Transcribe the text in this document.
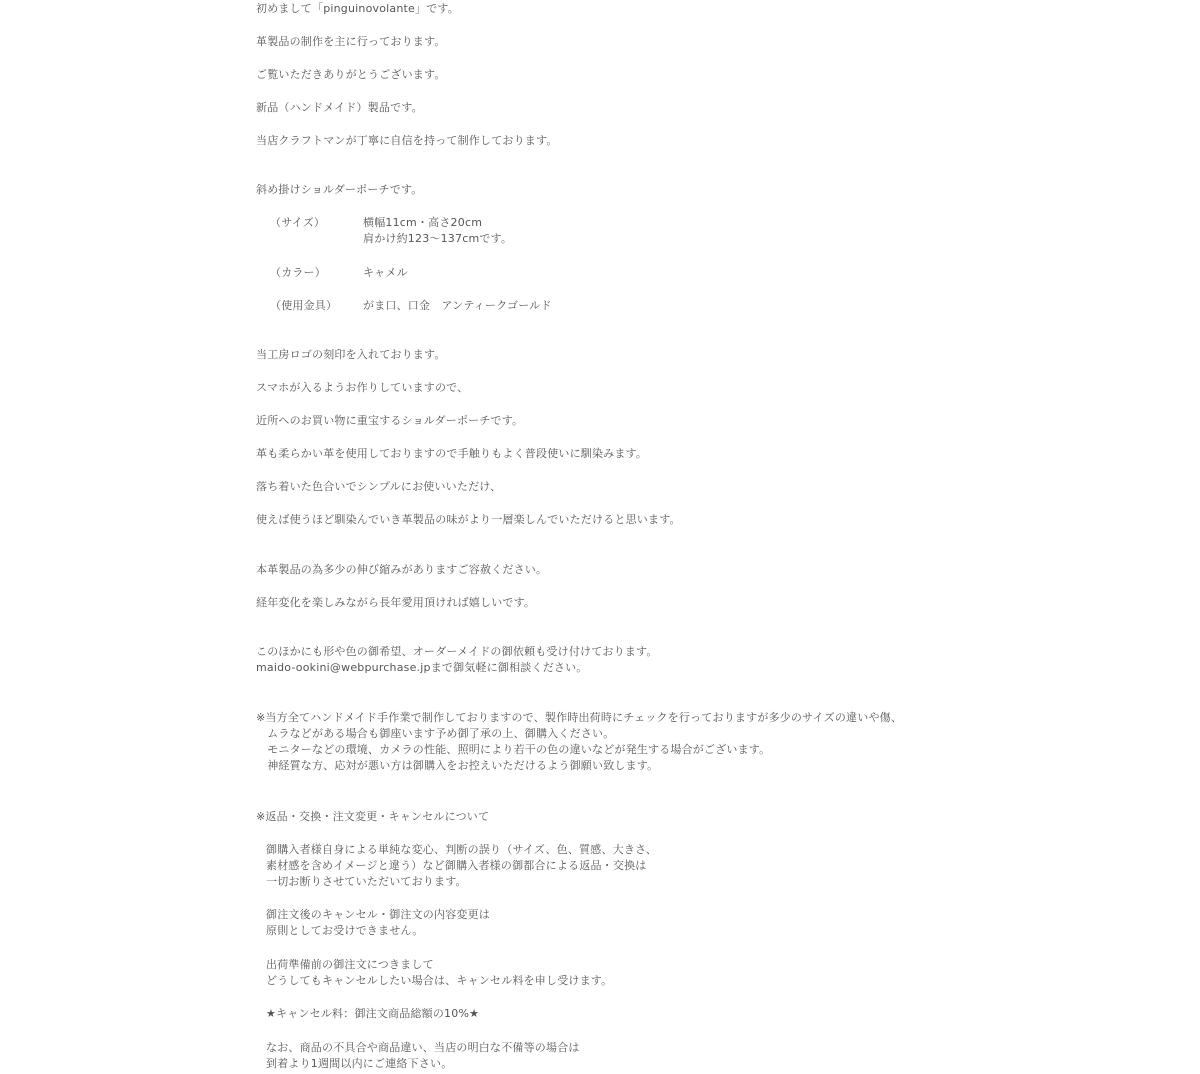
初めまして「pinguinovolante」です。
革製品の制作を主に行っております。
ご覧いただきありがとうございます。
新品（ハンドメイド）製品です。
当店クラフトマンが丁寧に自信を持って制作しております。
斜め掛けショルダーポーチです。
（サイズ）	横幅11cm・高さ20cm
肩かけ約123～137cmです。
（カラー）	キャメル
（使用金具） がま口、口金　アンティークゴールド
当工房ロゴの刻印を入れております。
スマホが入るようお作りしていますので、
近所へのお買い物に重宝するショルダーポーチです。
革も柔らかい革を使用しておりますので手触りもよく普段使いに馴染みます。
落ち着いた色合いでシンプルにお使いいただけ、
使えば使うほど馴染んでいき革製品の味がより一層楽しんでいただけると思います。
本革製品の為多少の伸び縮みがありますご容赦ください。
経年変化を楽しみながら長年愛用頂ければ嬉しいです。
このほかにも形や色の御希望、オーダーメイドの御依頼も受け付けております。
maido-ookini@webpurchase.jpまで御気軽に御相談ください。
※当方全てハンドメイド手作業で制作しておりますので、製作時出荷時にチェックを行っておりますが多少のサイズの違いや傷、
　ムラなどがある場合も御座います予め御了承の上、御購入ください。
　モニターなどの環境、カメラの性能、照明により若干の色の違いなどが発生する場合がございます。
　神経質な方、応対が悪い方は御購入をお控えいただけるよう御願い致します。
※返品・交換・注文変更・キャンセルについて
御購入者様自身による単純な変心、判断の誤り（サイズ、色、質感、大きさ、
素材感を含めイメージと違う）など御購入者様の御都合による返品・交換は
一切お断りさせていただいております。
御注文後のキャンセル・御注文の内容変更は
原則としてお受けできません。
出荷準備前の御注文につきまして
どうしてもキャンセルしたい場合は、キャンセル料を申し受けます。
★キャンセル料：御注文商品総額の10%★
なお、商品の不具合や商品違い、当店の明白な不備等の場合は
到着より1週間以内にご連絡下さい。
